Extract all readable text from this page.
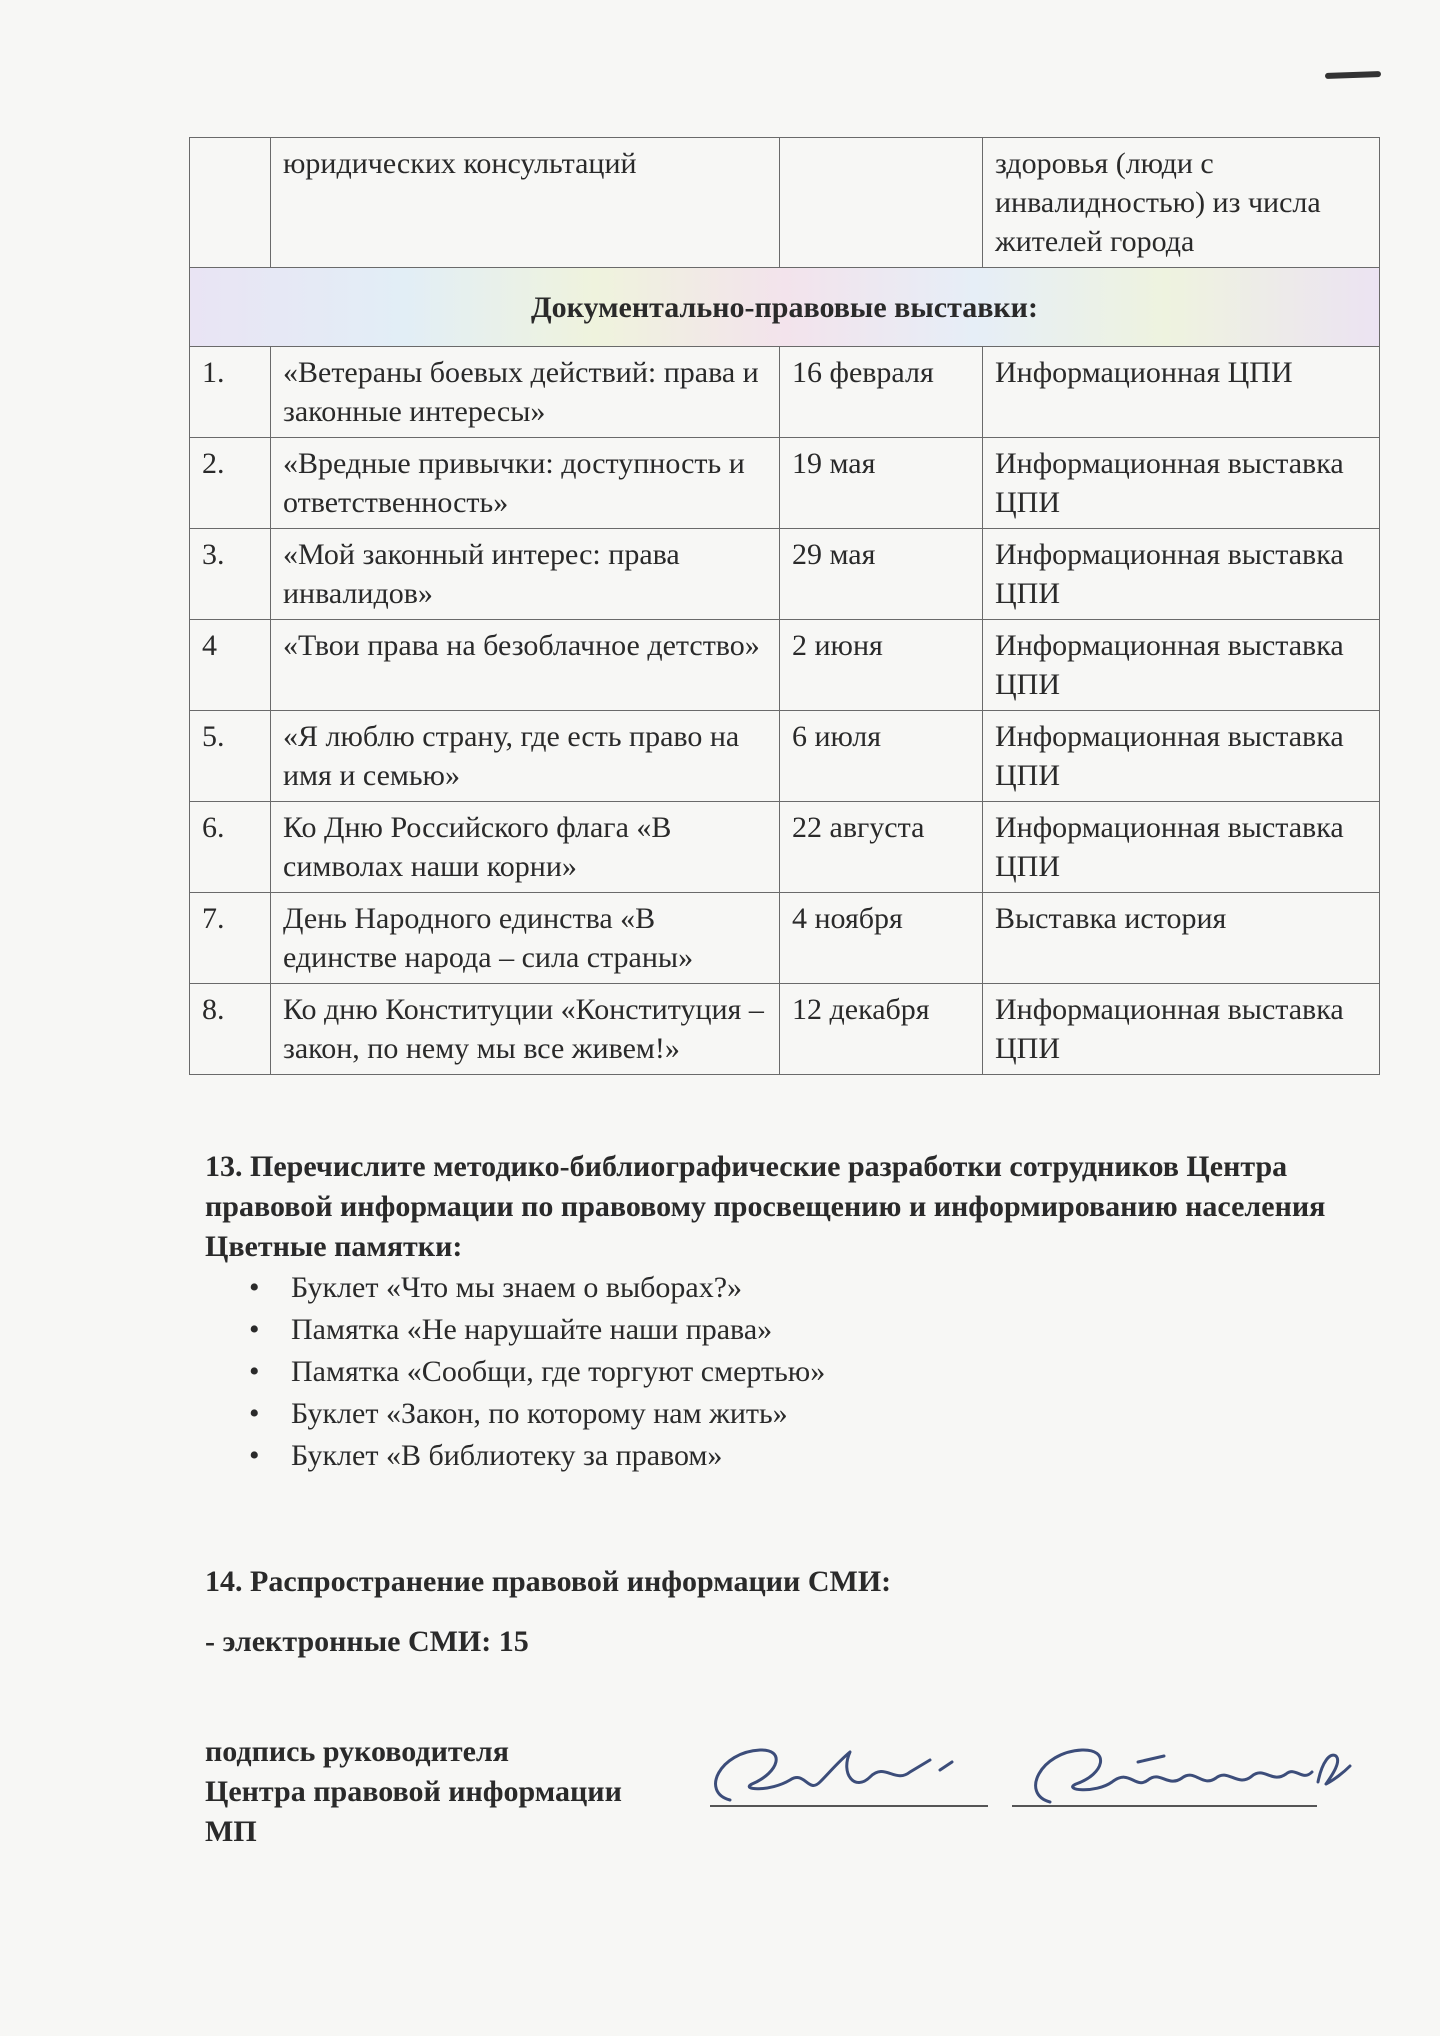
	юридических консультаций		здоровья (люди с инвалидностью) из числа жителей города
Документально-правовые выставки:			
1.	«Ветераны боевых действий: права и законные интересы»	16 февраля	Информационная ЦПИ
2.	«Вредные привычки: доступность и ответственность»	19 мая	Информационная выставка ЦПИ
3.	«Мой законный интерес: права инвалидов»	29 мая	Информационная выставка ЦПИ
4	«Твои права на безоблачное детство»	2 июня	Информационная выставка ЦПИ
5.	«Я люблю страну, где есть право на имя и семью»	6 июля	Информационная выставка ЦПИ
6.	Ко Дню Российского флага «В символах наши корни»	22 августа	Информационная выставка ЦПИ
7.	День Народного единства «В единстве народа – сила страны»	4 ноября	Выставка история
8.	Ко дню Конституции «Конституция – закон, по нему мы все живем!»	12 декабря	Информационная выставка ЦПИ
13. Перечислите методико-библиографические разработки сотрудников Центра правовой информации по правовому просвещению и информированию населения
Цветные памятки:
• Буклет «Что мы знаем о выборах?»
• Памятка «Не нарушайте наши права»
• Памятка «Сообщи, где торгуют смертью»
• Буклет «Закон, по которому нам жить»
• Буклет «В библиотеку за правом»
14. Распространение правовой информации СМИ:
- электронные СМИ: 15
подпись руководителя
Центра правовой информации
МП
